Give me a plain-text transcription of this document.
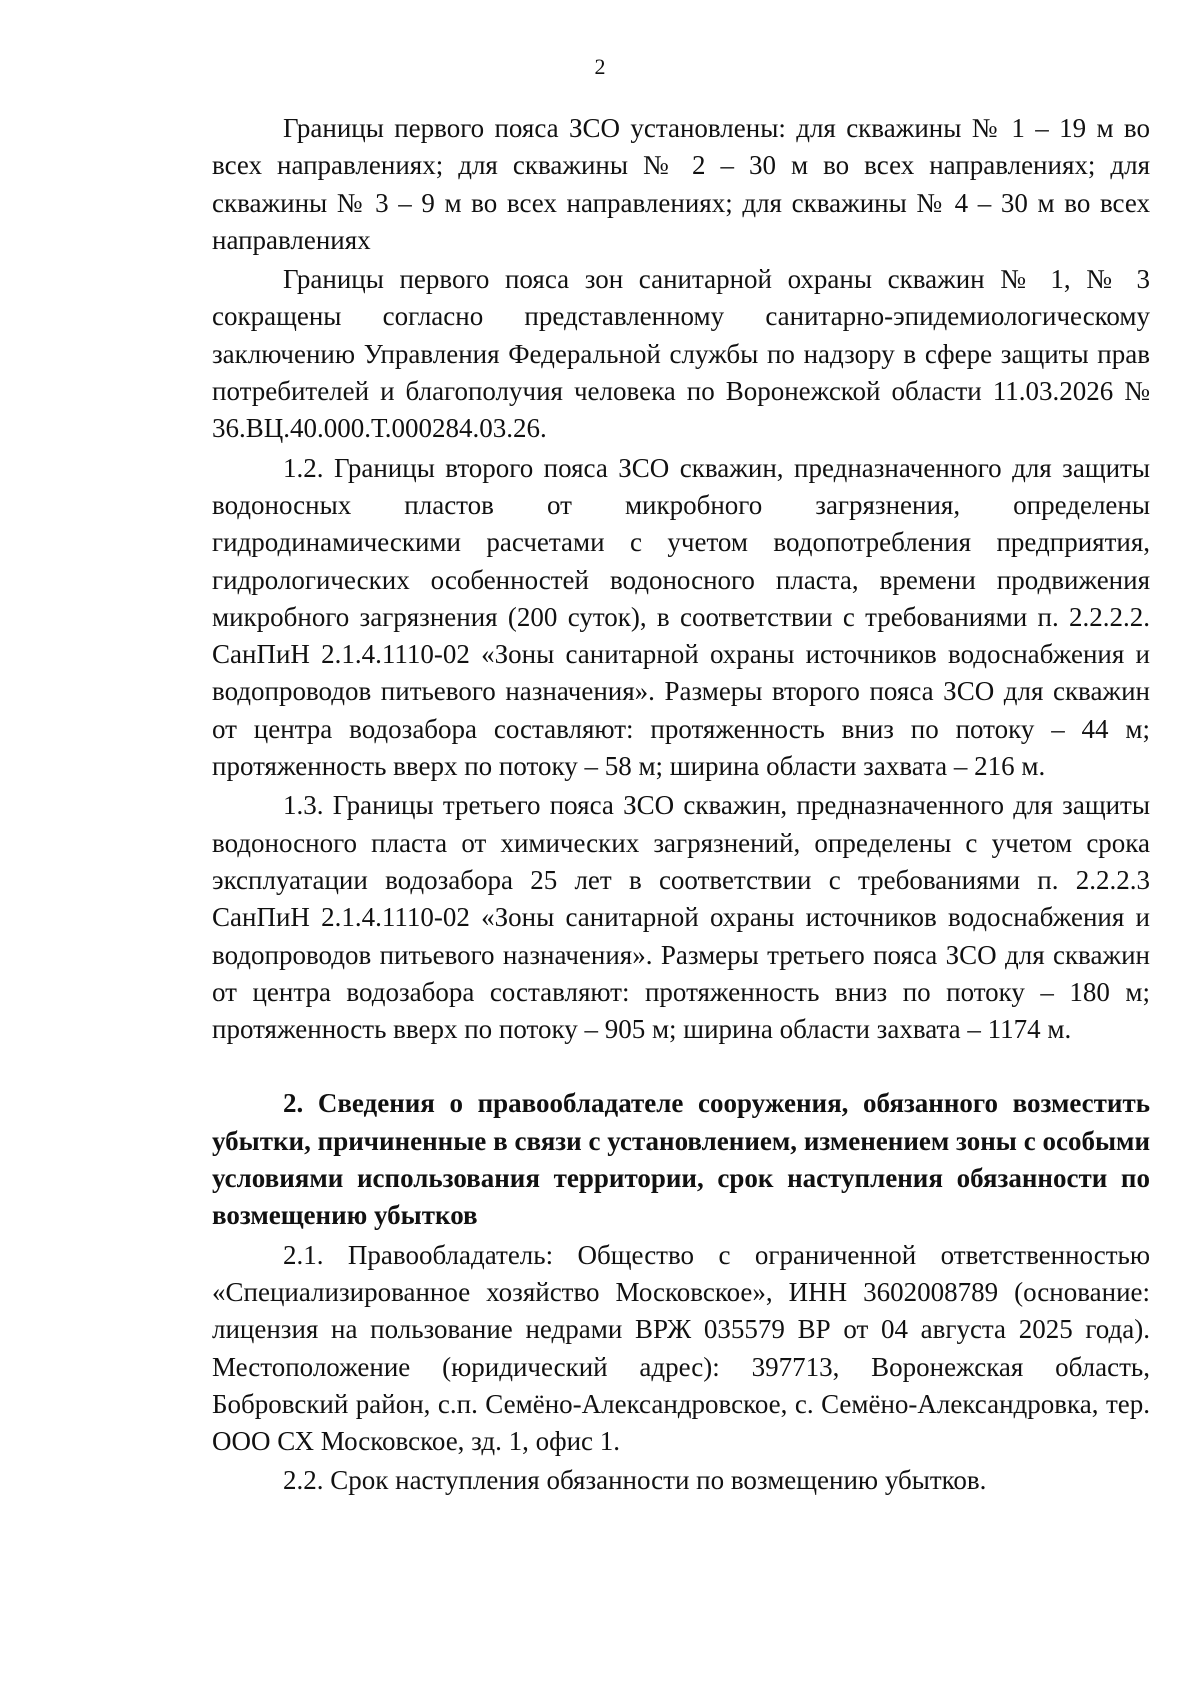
2

Границы первого пояса ЗСО установлены: для скважины № 1 – 19 м во всех направлениях; для скважины № 2 – 30 м во всех направлениях; для скважины № 3 – 9 м во всех направлениях; для скважины № 4 – 30 м во всех направлениях

Границы первого пояса зон санитарной охраны скважин № 1, № 3 сокращены согласно представленному санитарно-эпидемиологическому заключению Управления Федеральной службы по надзору в сфере защиты прав потребителей и благополучия человека по Воронежской области 11.03.2026 № 36.ВЦ.40.000.Т.000284.03.26.

1.2. Границы второго пояса ЗСО скважин, предназначенного для защиты водоносных пластов от микробного загрязнения, определены гидродинамическими расчетами с учетом водопотребления предприятия, гидрологических особенностей водоносного пласта, времени продвижения микробного загрязнения (200 суток), в соответствии с требованиями п. 2.2.2.2. СанПиН 2.1.4.1110-02 «Зоны санитарной охраны источников водоснабжения и водопроводов питьевого назначения». Размеры второго пояса ЗСО для скважин от центра водозабора составляют: протяженность вниз по потоку – 44 м; протяженность вверх по потоку – 58 м; ширина области захвата – 216 м.

1.3. Границы третьего пояса ЗСО скважин, предназначенного для защиты водоносного пласта от химических загрязнений, определены с учетом срока эксплуатации водозабора 25 лет в соответствии с требованиями п. 2.2.2.3 СанПиН 2.1.4.1110-02 «Зоны санитарной охраны источников водоснабжения и водопроводов питьевого назначения». Размеры третьего пояса ЗСО для скважин от центра водозабора составляют: протяженность вниз по потоку – 180 м; протяженность вверх по потоку – 905 м; ширина области захвата – 1174 м.

2. Сведения о правообладателе сооружения, обязанного возместить убытки, причиненные в связи с установлением, изменением зоны с особыми условиями использования территории, срок наступления обязанности по возмещению убытков

2.1. Правообладатель: Общество с ограниченной ответственностью «Специализированное хозяйство Московское», ИНН 3602008789 (основание: лицензия на пользование недрами ВРЖ 035579 ВР от 04 августа 2025 года). Местоположение (юридический адрес): 397713, Воронежская область, Бобровский район, с.п. Семёно-Александровское, с. Семёно-Александровка, тер. ООО СХ Московское, зд. 1, офис 1.

2.2. Срок наступления обязанности по возмещению убытков.
